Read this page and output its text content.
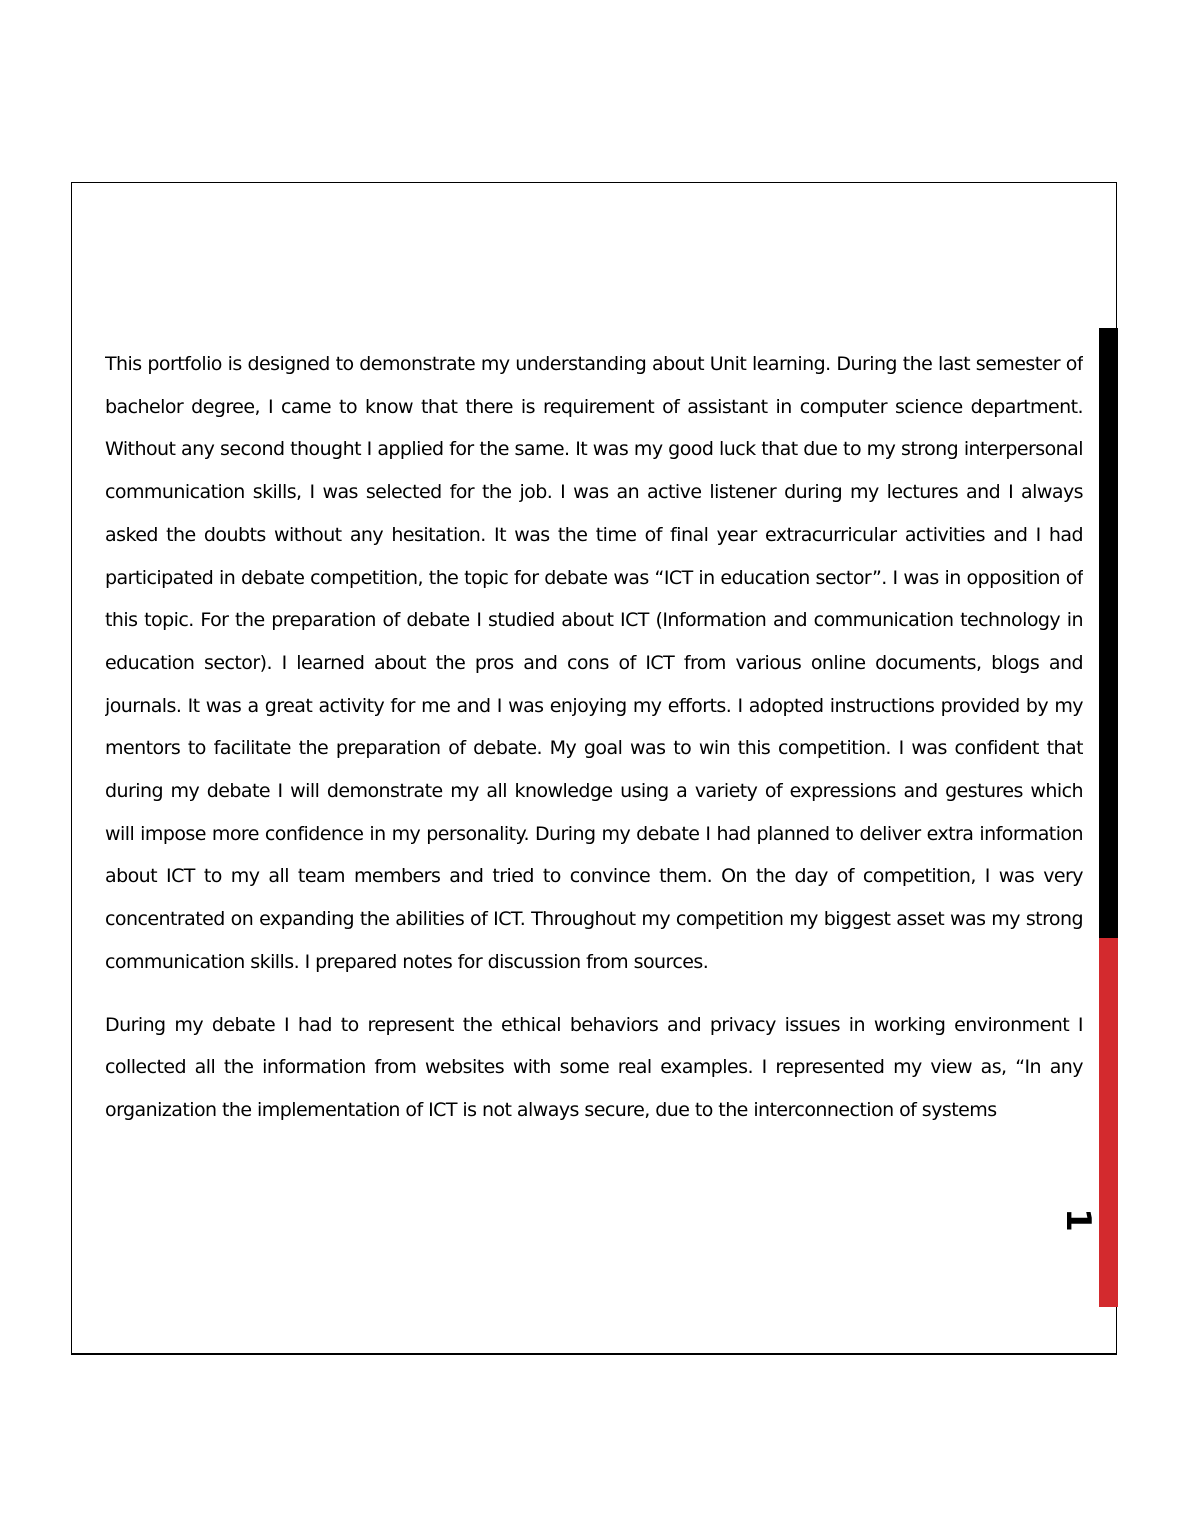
This portfolio is designed to demonstrate my understanding about Unit learning. During the last semester of bachelor degree, I came to know that there is requirement of assistant in computer science department. Without any second thought I applied for the same. It was my good luck that due to my strong interpersonal communication skills, I was selected for the job. I was an active listener during my lectures and I always asked the doubts without any hesitation. It was the time of final year extracurricular activities and I had participated in debate competition, the topic for debate was “ICT in education sector”. I was in opposition of this topic. For the preparation of debate I studied about ICT (Information and communication technology in education sector). I learned about the pros and cons of ICT from various online documents, blogs and journals. It was a great activity for me and I was enjoying my efforts. I adopted instructions provided by my mentors to facilitate the preparation of debate. My goal was to win this competition. I was confident that during my debate I will demonstrate my all knowledge using a variety of expressions and gestures which will impose more confidence in my personality. During my debate I had planned to deliver extra information about ICT to my all team members and tried to convince them. On the day of competition, I was very concentrated on expanding the abilities of ICT. Throughout my competition my biggest asset was my strong communication skills. I prepared notes for discussion from sources.

During my debate I had to represent the ethical behaviors and privacy issues in working environment I collected all the information from websites with some real examples. I represented my view as, “In any organization the implementation of ICT is not always secure, due to the interconnection of systems

1
